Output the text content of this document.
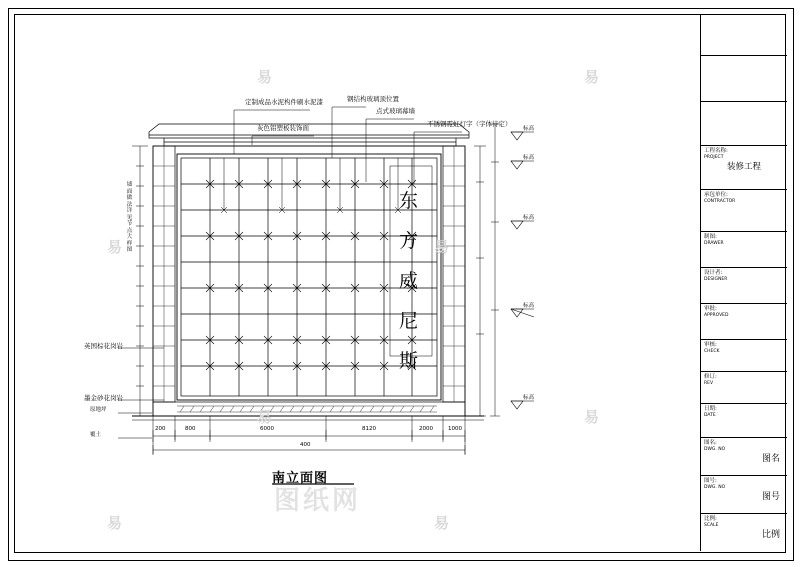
定制成品水泥构件刷水泥漆	钢结构玻璃顶位置
点式玻璃幕墙
灰色铝塑板装饰面	不锈钢霓虹灯字（字体待定）
英国棕花岗岩
墨金砂花岗岩
原地坪
覆土
墙面做法详见节点大样图
标高
标高
标高
标高
标高
200	800	6000	8120	2000	1000
400
东
方
威
尼
斯
南立面图
易	易
易	易
易	易
易	易
图纸网
工程名称:
PROJECT
装修工程
承包单位:
CONTRACTOR
制图:
DRAWER
设计者:
DESIGNER
审批:
APPROVED
审核:
CHECK
修订:
REV
日期:
DATE
图名:
DWG. NO
图名
图号:
DWG. NO
图号
比例:
SCALE
比例
